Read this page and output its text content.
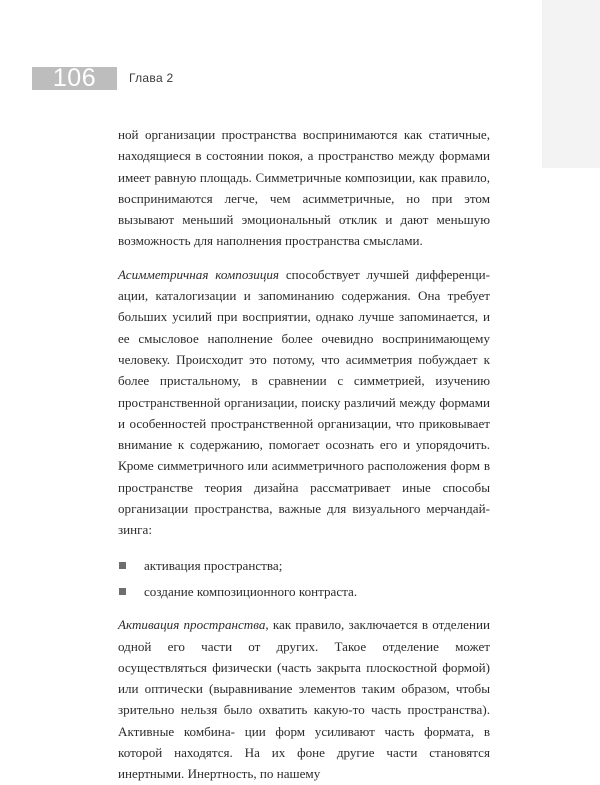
106	Глава 2

ной организации пространства воспринимаются как статичные, находящиеся в состоянии покоя, а пространство между формами имеет равную площадь. Симметричные композиции, как правило, воспринимаются легче, чем асимметричные, но при этом вызывают меньший эмоциональный отклик и дают меньшую возможность для наполнения пространства смыслами.

Асимметричная композиция способствует лучшей дифференци- ации, каталогизации и запоминанию содержания. Она требует больших усилий при восприятии, однако лучше запоминается, и ее смысловое наполнение более очевидно воспринимающему человеку. Происходит это потому, что асимметрия побуждает к более пристальному, в сравнении с симметрией, изучению пространственной организации, поиску различий между формами и особенностей пространственной организации, что приковывает внимание к содержанию, помогает осознать его и упорядочить. Кроме симметричного или асимметричного расположения форм в пространстве теория дизайна рассматривает иные способы организации пространства, важные для визуального мерчандай- зинга:

активация пространства;
создание композиционного контраста.

Активация пространства, как правило, заключается в отделении одной его части от других. Такое отделение может осуществляться физически (часть закрыта плоскостной формой) или оптически (выравнивание элементов таким образом, чтобы зрительно нельзя было охватить какую-то часть пространства). Активные комбина- ции форм усиливают часть формата, в которой находятся. На их фоне другие части становятся инертными. Инертность, по нашему
